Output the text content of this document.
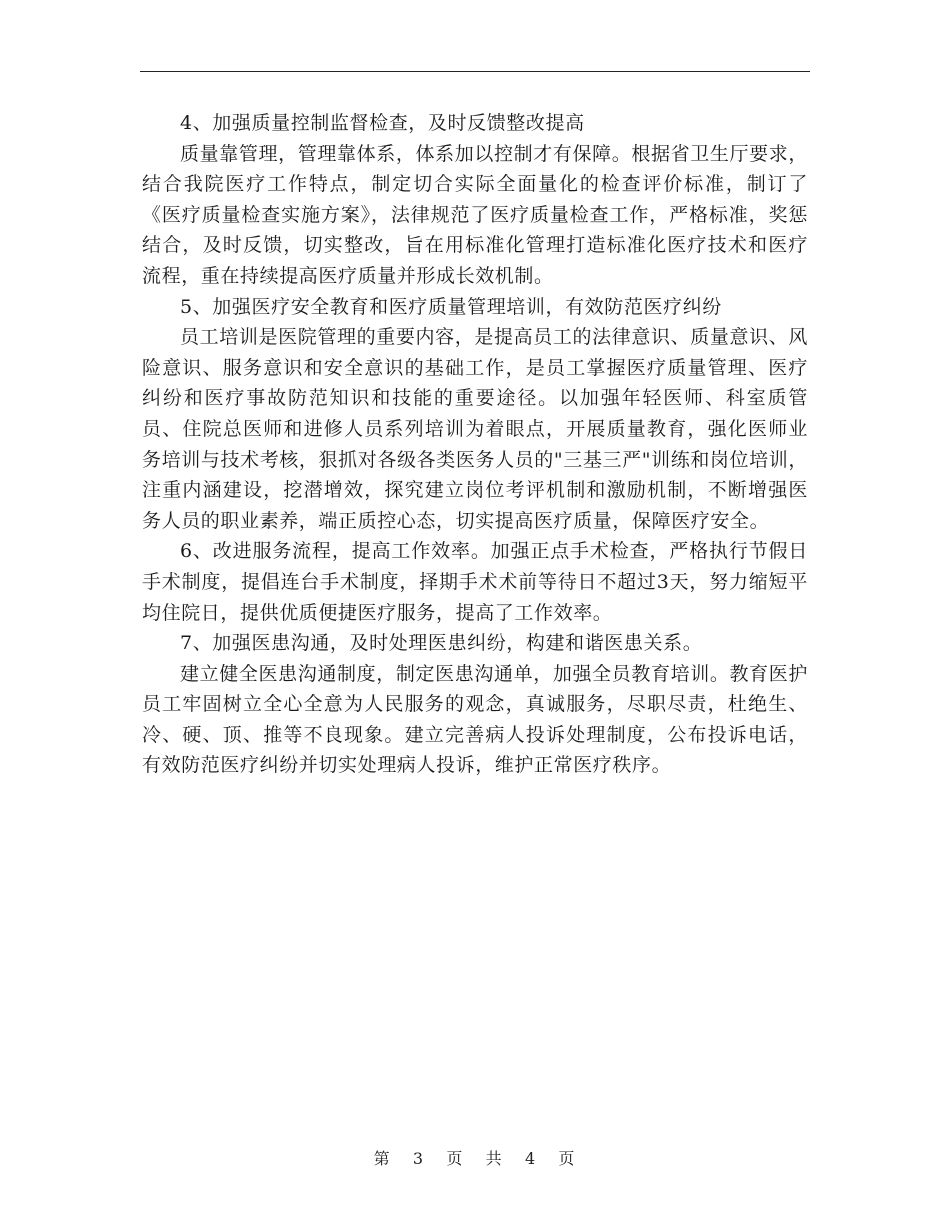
4、加强质量控制监督检查，及时反馈整改提高

质量靠管理，管理靠体系，体系加以控制才有保障。根据省卫生厅要求，结合我院医疗工作特点，制定切合实际全面量化的检查评价标准，制订了《医疗质量检查实施方案》，法律规范了医疗质量检查工作，严格标准，奖惩结合，及时反馈，切实整改，旨在用标准化管理打造标准化医疗技术和医疗流程，重在持续提高医疗质量并形成长效机制。

5、加强医疗安全教育和医疗质量管理培训，有效防范医疗纠纷

员工培训是医院管理的重要内容，是提高员工的法律意识、质量意识、风险意识、服务意识和安全意识的基础工作，是员工掌握医疗质量管理、医疗纠纷和医疗事故防范知识和技能的重要途径。以加强年轻医师、科室质管员、住院总医师和进修人员系列培训为着眼点，开展质量教育，强化医师业务培训与技术考核，狠抓对各级各类医务人员的"三基三严"训练和岗位培训，注重内涵建设，挖潜增效，探究建立岗位考评机制和激励机制，不断增强医务人员的职业素养，端正质控心态，切实提高医疗质量，保障医疗安全。

6、改进服务流程，提高工作效率。加强正点手术检查，严格执行节假日手术制度，提倡连台手术制度，择期手术术前等待日不超过3天，努力缩短平均住院日，提供优质便捷医疗服务，提高了工作效率。

7、加强医患沟通，及时处理医患纠纷，构建和谐医患关系。

建立健全医患沟通制度，制定医患沟通单，加强全员教育培训。教育医护员工牢固树立全心全意为人民服务的观念，真诚服务，尽职尽责，杜绝生、冷、硬、顶、推等不良现象。建立完善病人投诉处理制度，公布投诉电话，有效防范医疗纠纷并切实处理病人投诉，维护正常医疗秩序。

第 3 页 共 4 页
